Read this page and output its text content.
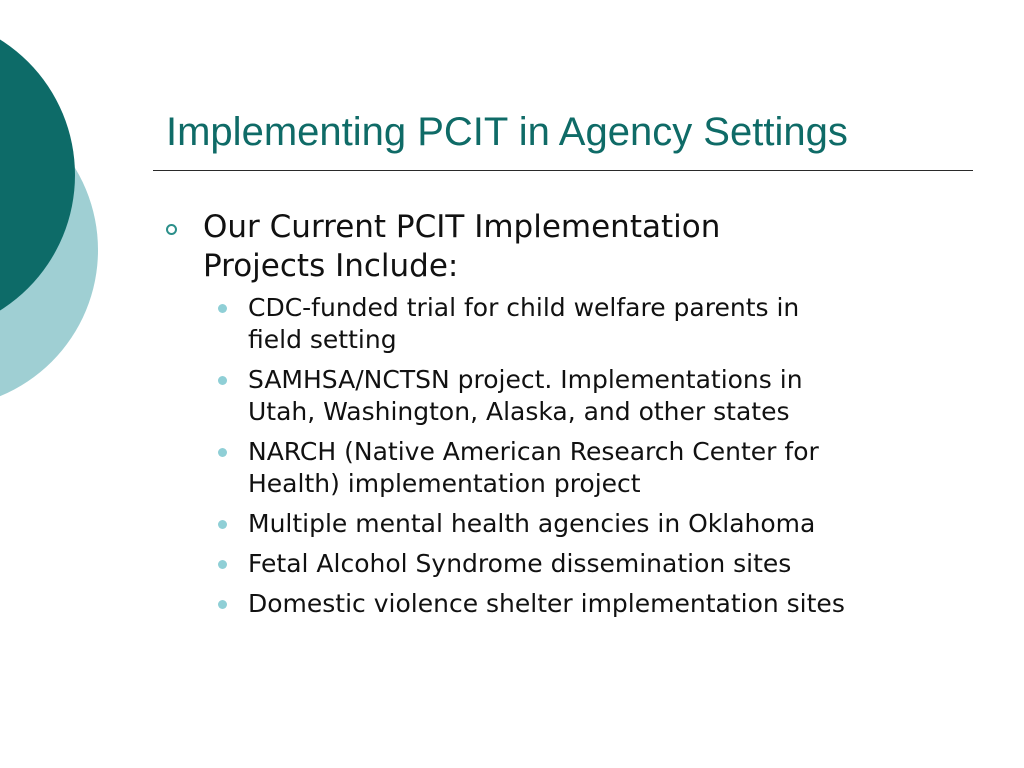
Implementing PCIT in Agency Settings
Our Current PCIT Implementation
Projects Include:
CDC-funded trial for child welfare parents in
field setting
SAMHSA/NCTSN project. Implementations in
Utah, Washington, Alaska, and other states
NARCH (Native American Research Center for
Health) implementation project
Multiple mental health agencies in Oklahoma
Fetal Alcohol Syndrome dissemination sites
Domestic violence shelter implementation sites
